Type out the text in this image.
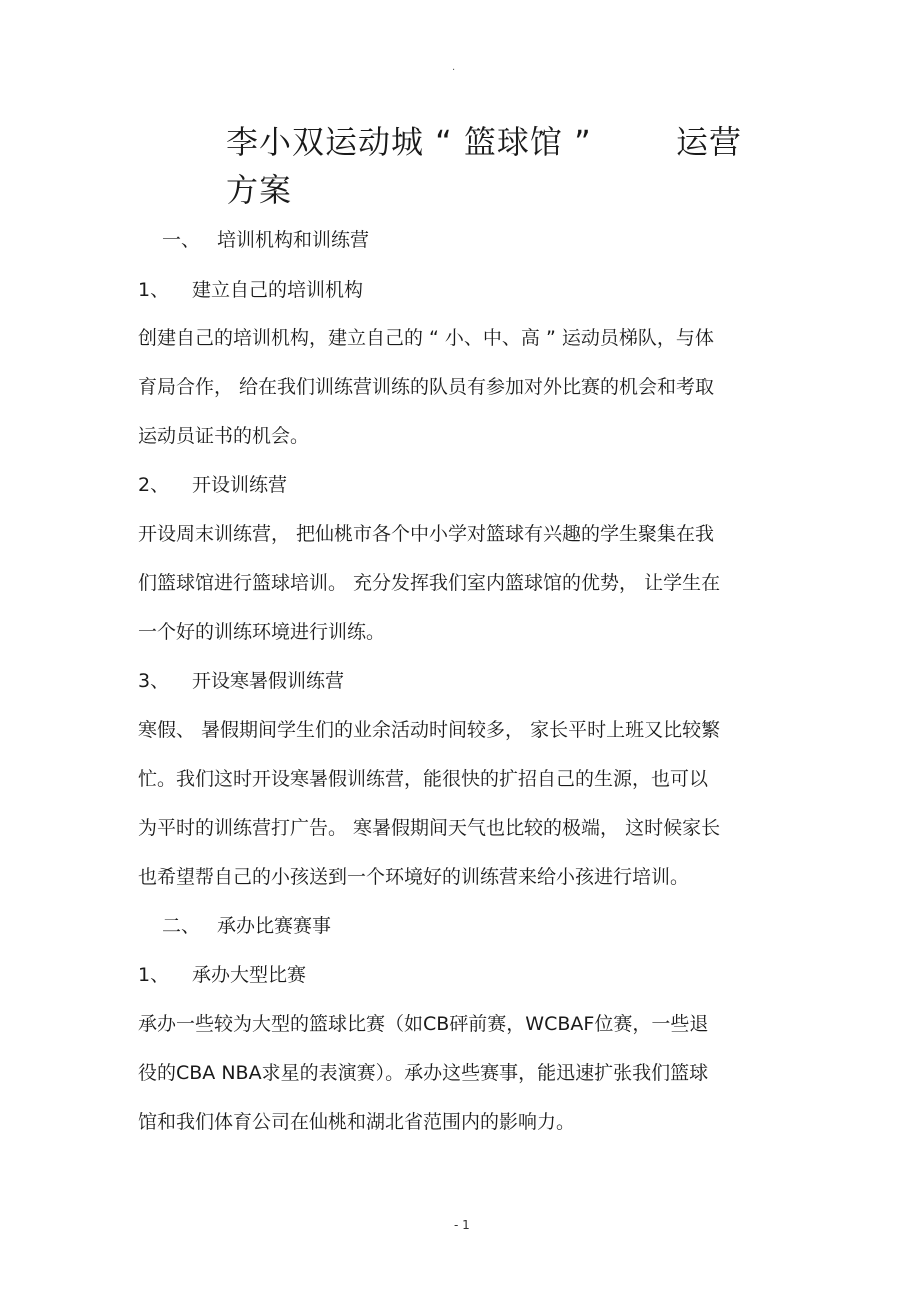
.
李小双运动城 “ 篮球馆 ”	运营
方案
一、 培训机构和训练营
1、	建立自己的培训机构
创建自己的培训机构，建立自己的 “ 小、中、高 ” 运动员梯队，与体
育局合作， 给在我们训练营训练的队员有参加对外比赛的机会和考取
运动员证书的机会。
2、	开设训练营
开设周末训练营， 把仙桃市各个中小学对篮球有兴趣的学生聚集在我
们篮球馆进行篮球培训。 充分发挥我们室内篮球馆的优势， 让学生在
一个好的训练环境进行训练。
3、	开设寒暑假训练营
寒假、 暑假期间学生们的业余活动时间较多， 家长平时上班又比较繁
忙。我们这时开设寒暑假训练营，能很快的扩招自己的生源，也可以
为平时的训练营打广告。 寒暑假期间天气也比较的极端， 这时候家长
也希望帮自己的小孩送到一个环境好的训练营来给小孩进行培训。
二、 承办比赛赛事
1、	承办大型比赛
承办一些较为大型的篮球比赛（如CB砰前赛，WCBAF位赛，一些退
役的CBA NBA求星的表演赛）。承办这些赛事，能迅速扩张我们篮球
馆和我们体育公司在仙桃和湖北省范围内的影响力。
- 1
